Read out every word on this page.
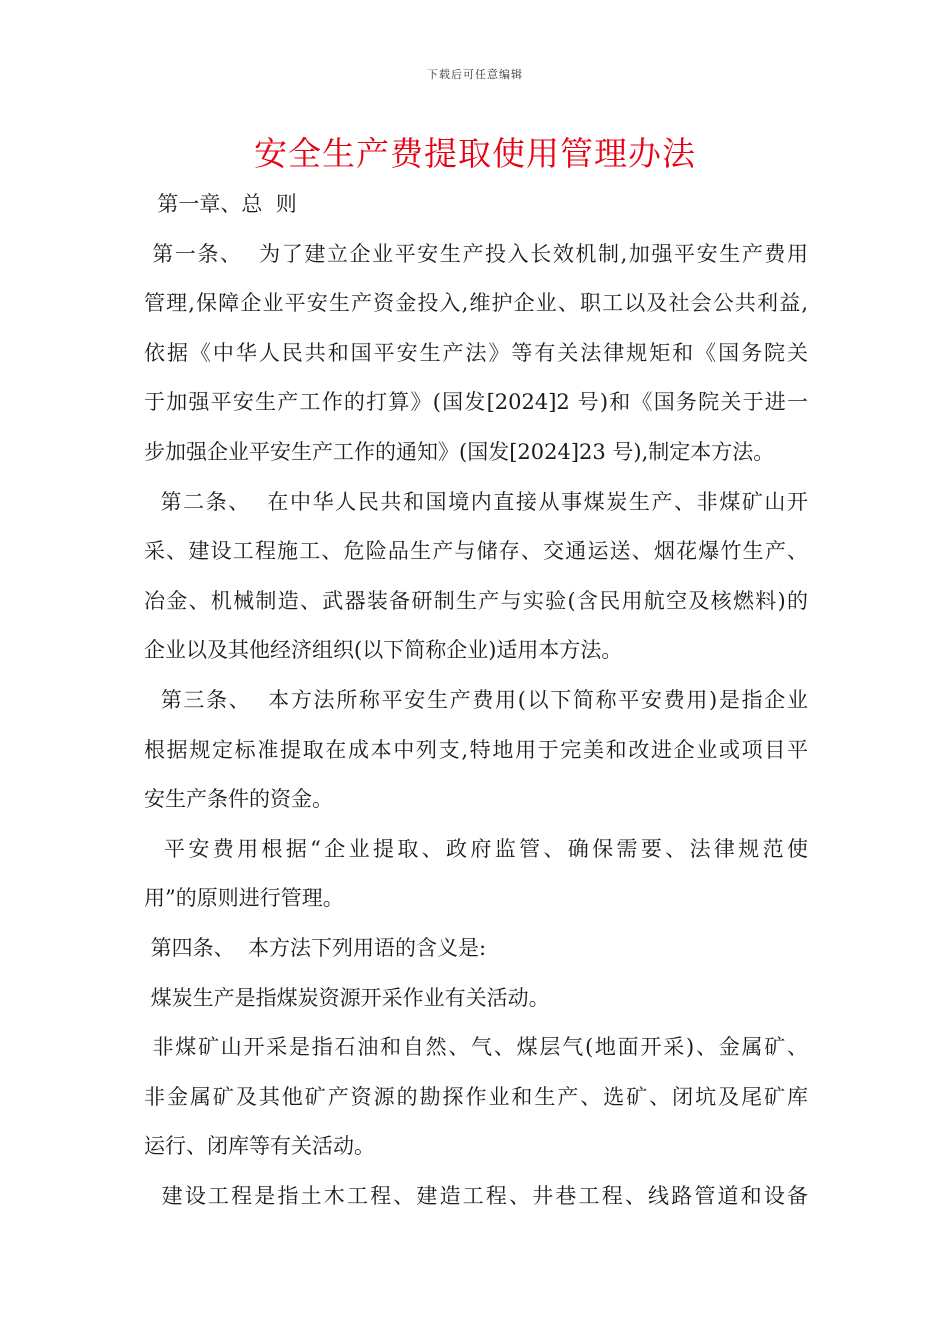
下载后可任意编辑
安全生产费提取使用管理办法
第一章、总  则
第一条、  为了建立企业平安生产投入长效机制,加强平安生产费用
管理,保障企业平安生产资金投入,维护企业、职工以及社会公共利益,
依据《中华人民共和国平安生产法》等有关法律规矩和《国务院关
于加强平安生产工作的打算》(国发[2024]2 号)和《国务院关于进一
步加强企业平安生产工作的通知》(国发[2024]23 号),制定本方法。
第二条、  在中华人民共和国境内直接从事煤炭生产、非煤矿山开
采、建设工程施工、危险品生产与储存、交通运送、烟花爆竹生产、
冶金、机械制造、武器装备研制生产与实验(含民用航空及核燃料)的
企业以及其他经济组织(以下简称企业)适用本方法。
第三条、  本方法所称平安生产费用(以下简称平安费用)是指企业
根据规定标准提取在成本中列支,特地用于完美和改进企业或项目平
安生产条件的资金。
平安费用根据“企业提取、政府监管、确保需要、法律规范使
用”的原则进行管理。
第四条、  本方法下列用语的含义是:
煤炭生产是指煤炭资源开采作业有关活动。
非煤矿山开采是指石油和自然、气、煤层气(地面开采)、金属矿、
非金属矿及其他矿产资源的勘探作业和生产、选矿、闭坑及尾矿库
运行、闭库等有关活动。
建设工程是指土木工程、建造工程、井巷工程、线路管道和设备
